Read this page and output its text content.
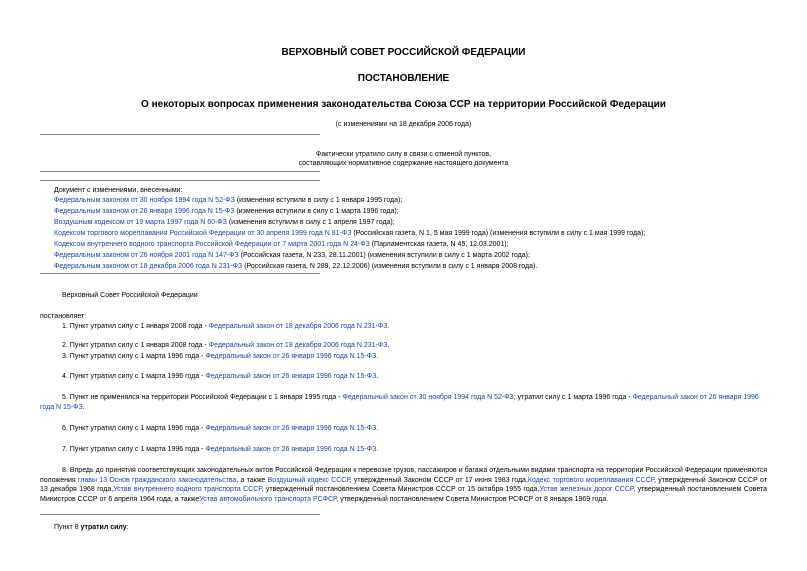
ВЕРХОВНЫЙ СОВЕТ РОССИЙСКОЙ ФЕДЕРАЦИИ
ПОСТАНОВЛЕНИЕ
О некоторых вопросах применения законодательства Союза ССР на территории Российской Федерации
(с изменениями на 18 декабря 2006 года)
Фактически утратило силу в связи с отменой пунктов,
составляющих нормативное содержание настоящего документа
Документ с изменениями, внесенными:
Федеральным законом от 30 ноября 1994 года N 52-ФЗ (изменения вступили в силу с 1 января 1995 года);
Федеральным законом от 26 января 1996 года N 15-ФЗ (изменения вступили в силу с 1 марта 1996 года);
Воздушным кодексом от 19 марта 1997 года N 60-ФЗ (изменения вступили в силу с 1 апреля 1997 года);
Кодексом торгового мореплавания Российской Федерации от 30 апреля 1999 года N 81-ФЗ (Российская газета, N 1, 5 мая 1999 года) (изменения вступили в силу с 1 мая 1999 года);
Кодексом внутреннего водного транспорта Российской Федерации от 7 марта 2001 года N 24-ФЗ (Парламентская газета, N 45, 12.03.2001);
Федеральным законом от 26 ноября 2001 года N 147-ФЗ (Российская газета, N 233, 28.11.2001) (изменения вступили в силу с 1 марта 2002 года);
Федеральным законом от 18 декабря 2006 года N 231-ФЗ (Российская газета, N 289, 22.12.2006) (изменения вступили в силу с 1 января 2008 года).
Верховный Совет Российской Федерации
постановляет:
1. Пункт утратил силу с 1 января 2008 года - Федеральный закон от 18 декабря 2006 года N 231-ФЗ.
2. Пункт утратил силу с 1 января 2008 года - Федеральный закон от 18 декабря 2006 года N 231-ФЗ.
3. Пункт утратил силу с 1 марта 1996 года - Федеральный закон от 26 января 1996 года N 15-ФЗ.
4. Пункт утратил силу с 1 марта 1996 года - Федеральный закон от 26 января 1996 года N 15-ФЗ.
5. Пункт не применялся на территории Российской Федерации с 1 января 1995 года - Федеральный закон от 30 ноября 1994 года N 52-ФЗ; утратил силу с 1 марта 1996 года - Федеральный закон от 26 января 1996 года N 15-ФЗ.
6. Пункт утратил силу с 1 марта 1996 года - Федеральный закон от 26 января 1996 года N 15-ФЗ.
7. Пункт утратил силу с 1 марта 1996 года - Федеральный закон от 26 января 1996 года N 15-ФЗ.
8. Впредь до принятия соответствующих законодательных актов Российской Федерации к перевозке грузов, пассажиров и багажа отдельными видами транспорта на территории Российской Федерации применяются положения главы 13 Основ гражданского законодательства, а также Воздушный кодекс СССР, утвержденный Законом СССР от 17 июня 1983 года,Кодекс торгового мореплавания СССР, утвержденный Законом СССР от 13 декабря 1968 года,Устав внутреннего водного транспорта СССР, утвержденный постановлением Совета Министров СССР от 15 октября 1955 года,Устав железных дорог СССР, утвержденный постановлением Совета Министров СССР от 6 апреля 1964 года, а такжеУстав автомобильного транспорта РСФСР, утвержденный постановлением Совета Министров РСФСР от 8 января 1969 года.
Пункт 8 утратил силу:
